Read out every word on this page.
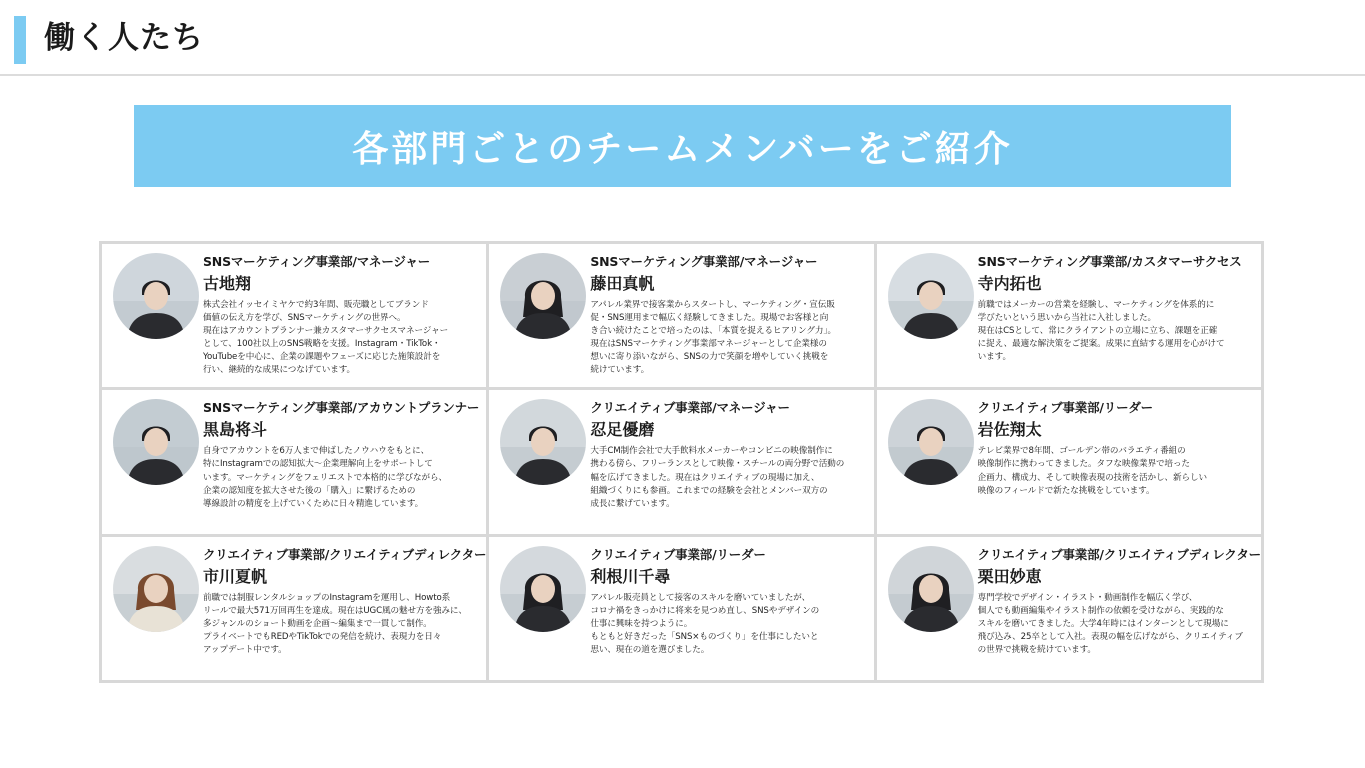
働く人たち
各部門ごとのチームメンバーをご紹介
SNSマーケティング事業部/マネージャー
古地翔
株式会社イッセイミヤケで約3年間、販売職としてブランド
価値の伝え方を学び、SNSマーケティングの世界へ。
現在はアカウントプランナー兼カスタマーサクセスマネージャー
として、100社以上のSNS戦略を支援。Instagram・TikTok・
YouTubeを中心に、企業の課題やフェーズに応じた施策設計を
行い、継続的な成果につなげています。
SNSマーケティング事業部/マネージャー
藤田真帆
アパレル業界で接客業からスタートし、マーケティング・宣伝販
促・SNS運用まで幅広く経験してきました。現場でお客様と向
き合い続けたことで培ったのは、「本質を捉えるヒアリング力」。
現在はSNSマーケティング事業部マネージャーとして企業様の
想いに寄り添いながら、SNSの力で笑顔を増やしていく挑戦を
続けています。
SNSマーケティング事業部/カスタマーサクセス
寺内拓也
前職ではメーカーの営業を経験し、マーケティングを体系的に
学びたいという思いから当社に入社しました。
現在はCSとして、常にクライアントの立場に立ち、課題を正確
に捉え、最適な解決策をご提案。成果に直結する運用を心がけて
います。
SNSマーケティング事業部/アカウントプランナー
黒島将斗
自身でアカウントを6万人まで伸ばしたノウハウをもとに、
特にInstagramでの認知拡大〜企業理解向上をサポートして
います。マーケティングをフェリエストで本格的に学びながら、
企業の認知度を拡大させた後の「購入」に繋げるための
導線設計の精度を上げていくために日々精進しています。
クリエイティブ事業部/マネージャー
忍足優磨
大手CM制作会社で大手飲料水メーカーやコンビニの映像制作に
携わる傍ら、フリーランスとして映像・スチールの両分野で活動の
幅を広げてきました。現在はクリエイティブの現場に加え、
組織づくりにも参画。これまでの経験を会社とメンバー双方の
成長に繋げています。
クリエイティブ事業部/リーダー
岩佐翔太
テレビ業界で8年間、ゴールデン帯のバラエティ番組の
映像制作に携わってきました。タフな映像業界で培った
企画力、構成力、そして映像表現の技術を活かし、新らしい
映像のフィールドで新たな挑戦をしています。
クリエイティブ事業部/クリエイティブディレクター
市川夏帆
前職では制服レンタルショップのInstagramを運用し、Howto系
リールで最大571万回再生を達成。現在はUGC風の魅せ方を強みに、
多ジャンルのショート動画を企画〜編集まで一貫して制作。
プライベートでもREDやTikTokでの発信を続け、表現力を日々
アップデート中です。
クリエイティブ事業部/リーダー
利根川千尋
アパレル販売員として接客のスキルを磨いていましたが、
コロナ禍をきっかけに将来を見つめ直し、SNSやデザインの
仕事に興味を持つように。
もともと好きだった「SNS×ものづくり」を仕事にしたいと
思い、現在の道を選びました。
クリエイティブ事業部/クリエイティブディレクター
栗田妙恵
専門学校でデザイン・イラスト・動画制作を幅広く学び、
個人でも動画編集やイラスト制作の依頼を受けながら、実践的な
スキルを磨いてきました。大学4年時にはインターンとして現場に
飛び込み、25卒として入社。表現の幅を広げながら、クリエイティブ
の世界で挑戦を続けています。
